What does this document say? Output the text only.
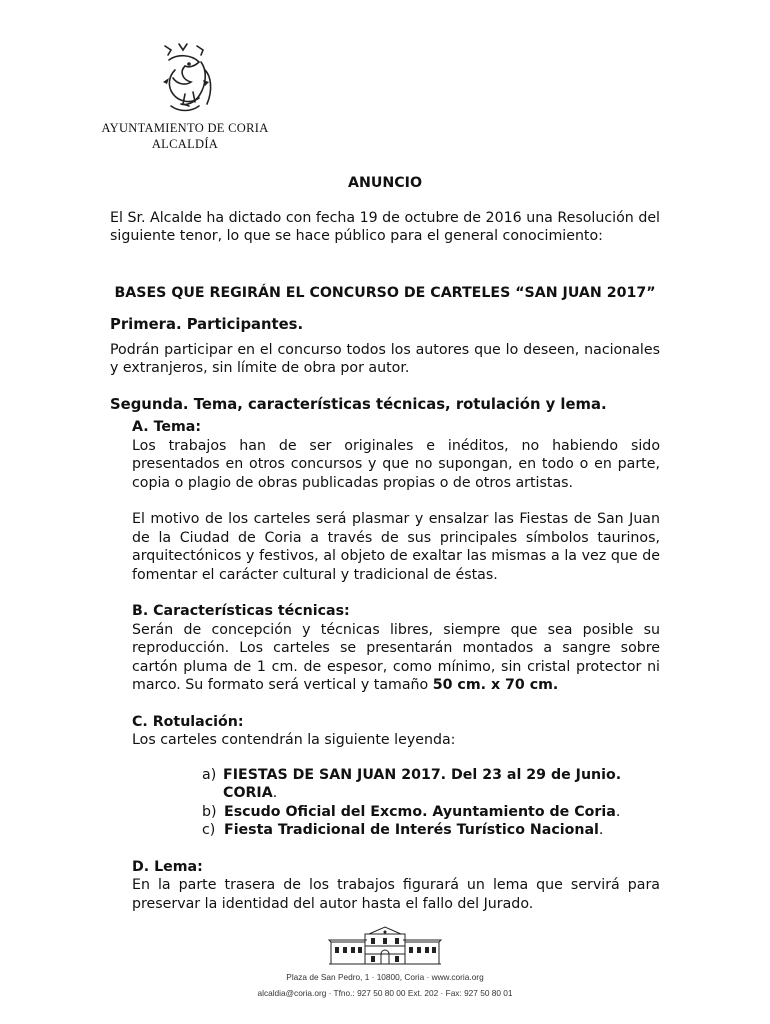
AYUNTAMIENTO DE CORIA
ALCALDÍA

ANUNCIO

El Sr. Alcalde ha dictado con fecha 19 de octubre de 2016 una Resolución del siguiente tenor, lo que se hace público para el general conocimiento:

BASES QUE REGIRÁN EL CONCURSO DE CARTELES “SAN JUAN 2017”

Primera. Participantes.

Podrán participar en el concurso todos los autores que lo deseen, nacionales y extranjeros, sin límite de obra por autor.

Segunda. Tema, características técnicas, rotulación y lema.

A. Tema:

Los trabajos han de ser originales e inéditos, no habiendo sido presentados en otros concursos y que no supongan, en todo o en parte, copia o plagio de obras publicadas propias o de otros artistas.

El motivo de los carteles será plasmar y ensalzar las Fiestas de San Juan de la Ciudad de Coria a través de sus principales símbolos taurinos, arquitectónicos y festivos, al objeto de exaltar las mismas a la vez que de fomentar el carácter cultural y tradicional de éstas.

B. Características técnicas:

Serán de concepción y técnicas libres, siempre que sea posible su reproducción. Los carteles se presentarán montados a sangre sobre cartón pluma de 1 cm. de espesor, como mínimo, sin cristal protector ni marco. Su formato será vertical y tamaño 50 cm. x 70 cm.

C. Rotulación:

Los carteles contendrán la siguiente leyenda:

a) FIESTAS DE SAN JUAN 2017. Del 23 al 29 de Junio. CORIA.
b) Escudo Oficial del Excmo. Ayuntamiento de Coria.
c) Fiesta Tradicional de Interés Turístico Nacional.

D. Lema:

En la parte trasera de los trabajos figurará un lema que servirá para preservar la identidad del autor hasta el fallo del Jurado.

Plaza de San Pedro, 1 · 10800, Coria · www.coria.org
alcaldia@coria.org · Tfno.: 927 50 80 00 Ext. 202 · Fax: 927 50 80 01
